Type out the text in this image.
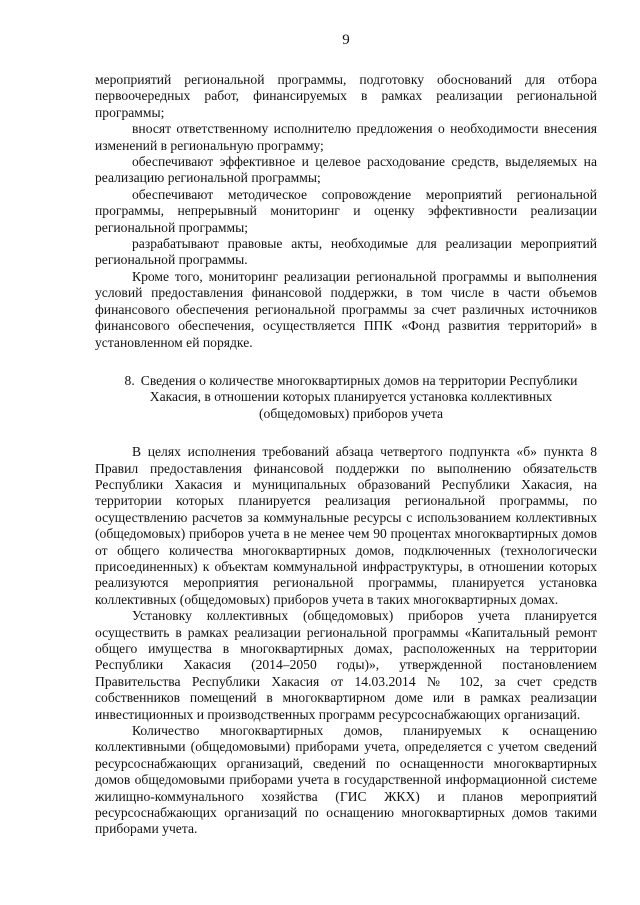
9

мероприятий региональной программы, подготовку обоснований для отбора первоочередных работ, финансируемых в рамках реализации региональной программы;

вносят ответственному исполнителю предложения о необходимости внесения изменений в региональную программу;

обеспечивают эффективное и целевое расходование средств, выделяемых на реализацию региональной программы;

обеспечивают методическое сопровождение мероприятий региональной программы, непрерывный мониторинг и оценку эффективности реализации региональной программы;

разрабатывают правовые акты, необходимые для реализации мероприятий региональной программы.

Кроме того, мониторинг реализации региональной программы и выполнения условий предоставления финансовой поддержки, в том числе в части объемов финансового обеспечения региональной программы за счет различных источников финансового обеспечения, осуществляется ППК «Фонд развития территорий» в установленном ей порядке.

8. Сведения о количестве многоквартирных домов на территории Республики Хакасия, в отношении которых планируется установка коллективных (общедомовых) приборов учета

В целях исполнения требований абзаца четвертого подпункта «б» пункта 8 Правил предоставления финансовой поддержки по выполнению обязательств Республики Хакасия и муниципальных образований Республики Хакасия, на территории которых планируется реализация региональной программы, по осуществлению расчетов за коммунальные ресурсы с использованием коллективных (общедомовых) приборов учета в не менее чем 90 процентах многоквартирных домов от общего количества многоквартирных домов, подключенных (технологически присоединенных) к объектам коммунальной инфраструктуры, в отношении которых реализуются мероприятия региональной программы, планируется установка коллективных (общедомовых) приборов учета в таких многоквартирных домах.

Установку коллективных (общедомовых) приборов учета планируется осуществить в рамках реализации региональной программы «Капитальный ремонт общего имущества в многоквартирных домах, расположенных на территории Республики Хакасия (2014–2050 годы)», утвержденной постановлением Правительства Республики Хакасия от 14.03.2014 № 102, за счет средств собственников помещений в многоквартирном доме или в рамках реализации инвестиционных и производственных программ ресурсоснабжающих организаций.

Количество многоквартирных домов, планируемых к оснащению коллективными (общедомовыми) приборами учета, определяется с учетом сведений ресурсоснабжающих организаций, сведений по оснащенности многоквартирных домов общедомовыми приборами учета в государственной информационной системе жилищно-коммунального хозяйства (ГИС ЖКХ) и планов мероприятий ресурсоснабжающих организаций по оснащению многоквартирных домов такими приборами учета.
